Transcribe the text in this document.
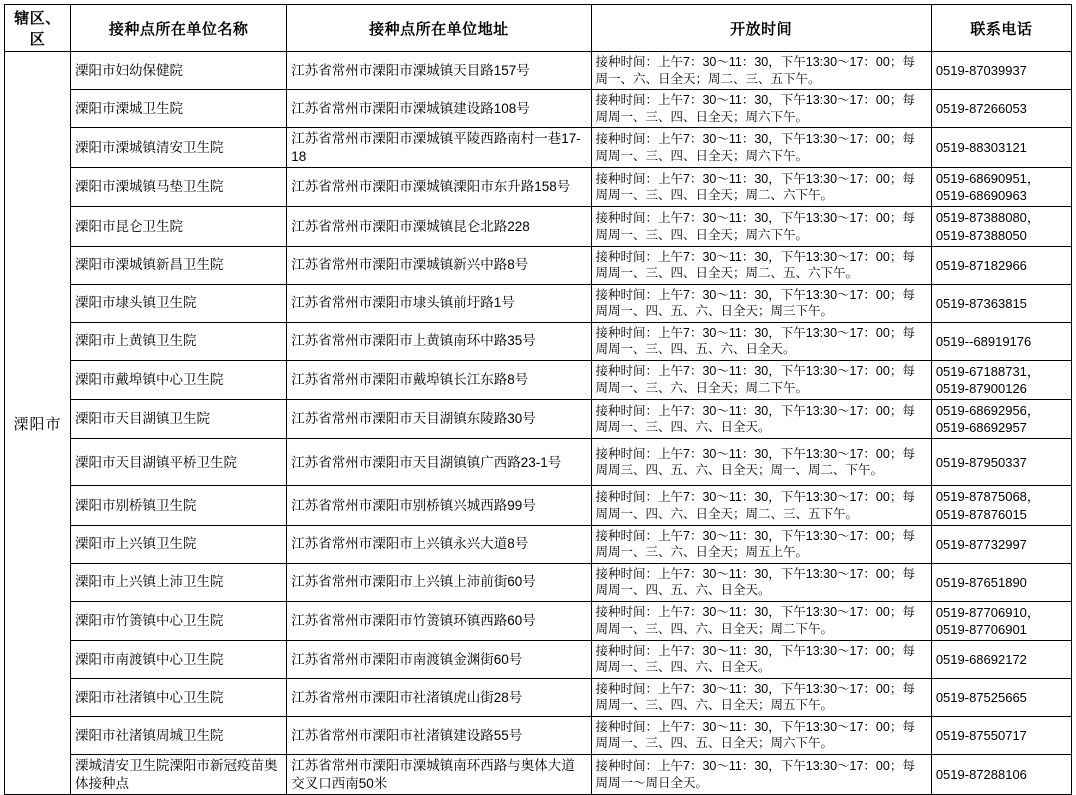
辖区、区	接种点所在单位名称	接种点所在单位地址	开放时间	联系电话
溧阳市	溧阳市妇幼保健院	江苏省常州市溧阳市溧城镇天目路157号	接种时间：上午7：30～11：30，下午13:30～17：00；每周一、六、日全天；周二、三、五下午。	0519-87039937
	溧阳市溧城卫生院	江苏省常州市溧阳市溧城镇建设路108号	接种时间：上午7：30～11：30，下午13:30～17：00；每周周一、三、四、日全天；周六下午。	0519-87266053
	溧阳市溧城镇清安卫生院	江苏省常州市溧阳市溧城镇平陵西路南村一巷17-18	接种时间：上午7：30～11：30，下午13:30～17：00；每周周一、三、四、日全天；周六下午。	0519-88303121
	溧阳市溧城镇马垫卫生院	江苏省常州市溧阳市溧城镇溧阳市东升路158号	接种时间：上午7：30～11：30，下午13:30～17：00；每周周一、三、四、日全天；周二、六下午。	0519-68690951，0519-68690963
	溧阳市昆仑卫生院	江苏省常州市溧阳市溧城镇昆仑北路228	接种时间：上午7：30～11：30，下午13:30～17：00；每周周一、三、四、日全天；周六下午。	0519-87388080，0519-87388050
	溧阳市溧城镇新昌卫生院	江苏省常州市溧阳市溧城镇新兴中路8号	接种时间：上午7：30～11：30，下午13:30～17：00；每周周一、三、四、日全天；周二、五、六下午。	0519-87182966
	溧阳市埭头镇卫生院	江苏省常州市溧阳市埭头镇前圩路1号	接种时间：上午7：30～11：30，下午13:30～17：00；每周周一、四、五、六、日全天；周三下午。	0519-87363815
	溧阳市上黄镇卫生院	江苏省常州市溧阳市上黄镇南环中路35号	接种时间：上午7：30～11：30，下午13:30～17：00；每周周一、三、四、五、六、日全天。	0519--68919176
	溧阳市戴埠镇中心卫生院	江苏省常州市溧阳市戴埠镇长江东路8号	接种时间：上午7：30～11：30，下午13:30～17：00；每周周一、三、六、日全天；周二下午。	0519-67188731，0519-87900126
	溧阳市天目湖镇卫生院	江苏省常州市溧阳市天目湖镇东陵路30号	接种时间：上午7：30～11：30，下午13:30～17：00；每周周一、三、四、六、日全天。	0519-68692956，0519-68692957
	溧阳市天目湖镇平桥卫生院	江苏省常州市溧阳市天目湖镇镇广西路23-1号	接种时间：上午7：30～11：30，下午13:30～17：00；每周周三、四、五、六、日全天；周一、周二、下午。	0519-87950337
	溧阳市别桥镇卫生院	江苏省常州市溧阳市别桥镇兴城西路99号	接种时间：上午7：30～11：30，下午13:30～17：00；每周周一、四、六、日全天；周二、三、五下午。	0519-87875068，0519-87876015
	溧阳市上兴镇卫生院	江苏省常州市溧阳市上兴镇永兴大道8号	接种时间：上午7：30～11：30，下午13:30～17：00；每周周一、三、六、日全天；周五上午。	0519-87732997
	溧阳市上兴镇上沛卫生院	江苏省常州市溧阳市上兴镇上沛前街60号	接种时间：上午7：30～11：30，下午13:30～17：00；每周周一、四、五、六、日全天。	0519-87651890
	溧阳市竹箦镇中心卫生院	江苏省常州市溧阳市竹箦镇环镇西路60号	接种时间：上午7：30～11：30，下午13:30～17：00；每周周一、三、四、六、日全天；周二下午。	0519-87706910，0519-87706901
	溧阳市南渡镇中心卫生院	江苏省常州市溧阳市南渡镇金渊街60号	接种时间：上午7：30～11：30，下午13:30～17：00；每周周一、三、四、六、日全天。	0519-68692172
	溧阳市社渚镇中心卫生院	江苏省常州市溧阳市社渚镇虎山街28号	接种时间：上午7：30～11：30，下午13:30～17：00；每周周一、三、四、六、日全天；周五下午。	0519-87525665
	溧阳市社渚镇周城卫生院	江苏省常州市溧阳市社渚镇建设路55号	接种时间：上午7：30～11：30，下午13:30～17：00；每周周一、三、四、五、日全天；周六下午。	0519-87550717
	溧城清安卫生院溧阳市新冠疫苗奥体接种点	江苏省常州市溧阳市溧城镇南环西路与奥体大道交叉口西南50米	接种时间：上午7：30～11：30，下午13:30～17：00；每周周一～周日全天。	0519-87288106
